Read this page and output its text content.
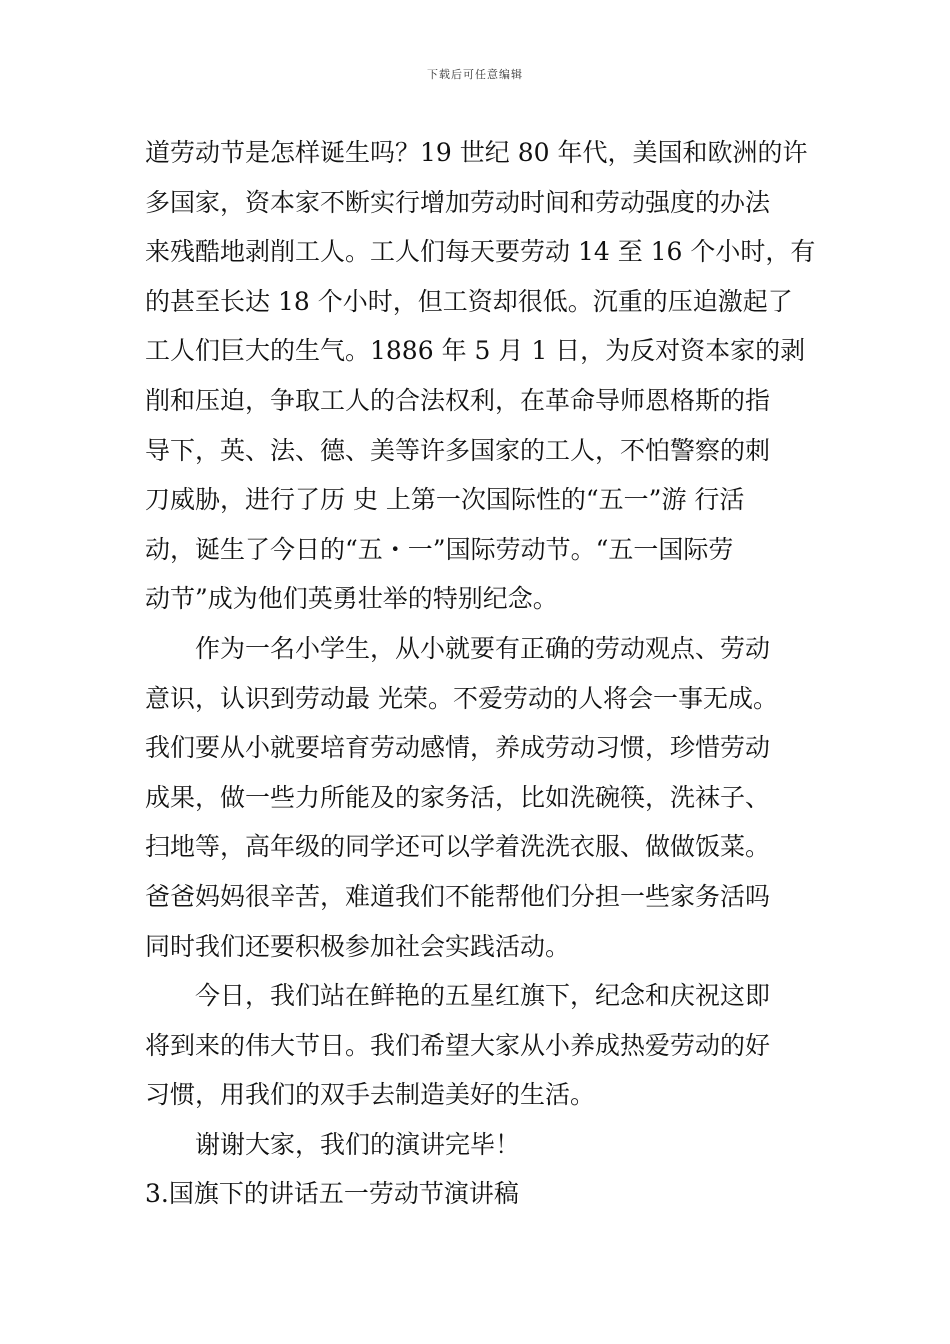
下载后可任意编辑
道劳动节是怎样诞生吗？19 世纪 80 年代，美国和欧洲的许
多国家，资本家不断实行增加劳动时间和劳动强度的办法
来残酷地剥削工人。工人们每天要劳动 14 至 16 个小时，有
的甚至长达 18 个小时，但工资却很低。沉重的压迫激起了
工人们巨大的生气。1886 年 5 月 1 日，为反对资本家的剥
削和压迫，争取工人的合法权利，在革命导师恩格斯的指
导下，英、法、德、美等许多国家的工人，不怕警察的刺
刀威胁，进行了历 史 上第一次国际性的“五一”游 行活
动，诞生了今日的“五・一”国际劳动节。“五一国际劳
动节”成为他们英勇壮举的特别纪念。
　　作为一名小学生，从小就要有正确的劳动观点、劳动
意识，认识到劳动最 光荣。不爱劳动的人将会一事无成。
我们要从小就要培育劳动感情，养成劳动习惯，珍惜劳动
成果，做一些力所能及的家务活，比如洗碗筷，洗袜子、
扫地等，高年级的同学还可以学着洗洗衣服、做做饭菜。
爸爸妈妈很辛苦，难道我们不能帮他们分担一些家务活吗
同时我们还要积极参加社会实践活动。
　　今日，我们站在鲜艳的五星红旗下，纪念和庆祝这即
将到来的伟大节日。我们希望大家从小养成热爱劳动的好
习惯，用我们的双手去制造美好的生活。
　　谢谢大家，我们的演讲完毕！
3.国旗下的讲话五一劳动节演讲稿
